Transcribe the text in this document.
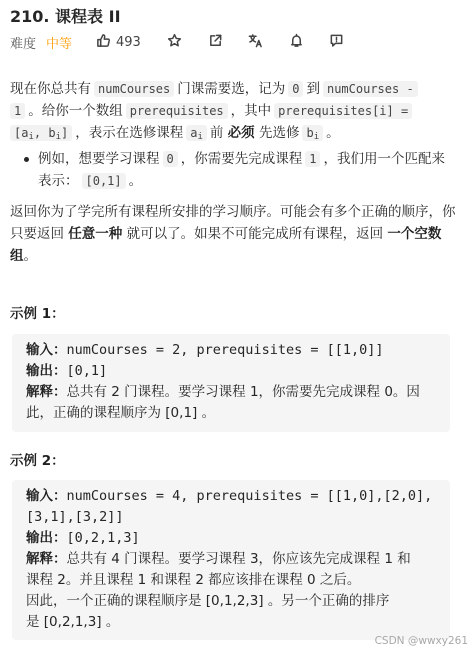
210. 课程表 II
难度 中等	493
现在你总共有 numCourses 门课需要选，记为 0 到 numCourses -
1 。给你一个数组 prerequisites ，其中 prerequisites[i] =
[$a_i$, $b_i$] ，表示在选修课程 $a_i$ 前 必须 先选修 $b_i$ 。
例如，想要学习课程 0 ，你需要先完成课程 1 ，我们用一个匹配来表示： [0,1] 。
返回你为了学完所有课程所安排的学习顺序。可能会有多个正确的顺序，你只要返回 任意一种 就可以了。如果不可能完成所有课程，返回 一个空数组。
示例 1：
输入：numCourses = 2, prerequisites = [[1,0]]
输出：[0,1]
解释：总共有 2 门课程。要学习课程 1，你需要先完成课程 0。因
此，正确的课程顺序为 [0,1] 。
示例 2：
输入：numCourses = 4, prerequisites = [[1,0],[2,0],
[3,1],[3,2]]
输出：[0,2,1,3]
解释：总共有 4 门课程。要学习课程 3，你应该先完成课程 1 和
课程 2。并且课程 1 和课程 2 都应该排在课程 0 之后。
因此，一个正确的课程顺序是 [0,1,2,3] 。另一个正确的排序
是 [0,2,1,3] 。
CSDN @wwxy261
